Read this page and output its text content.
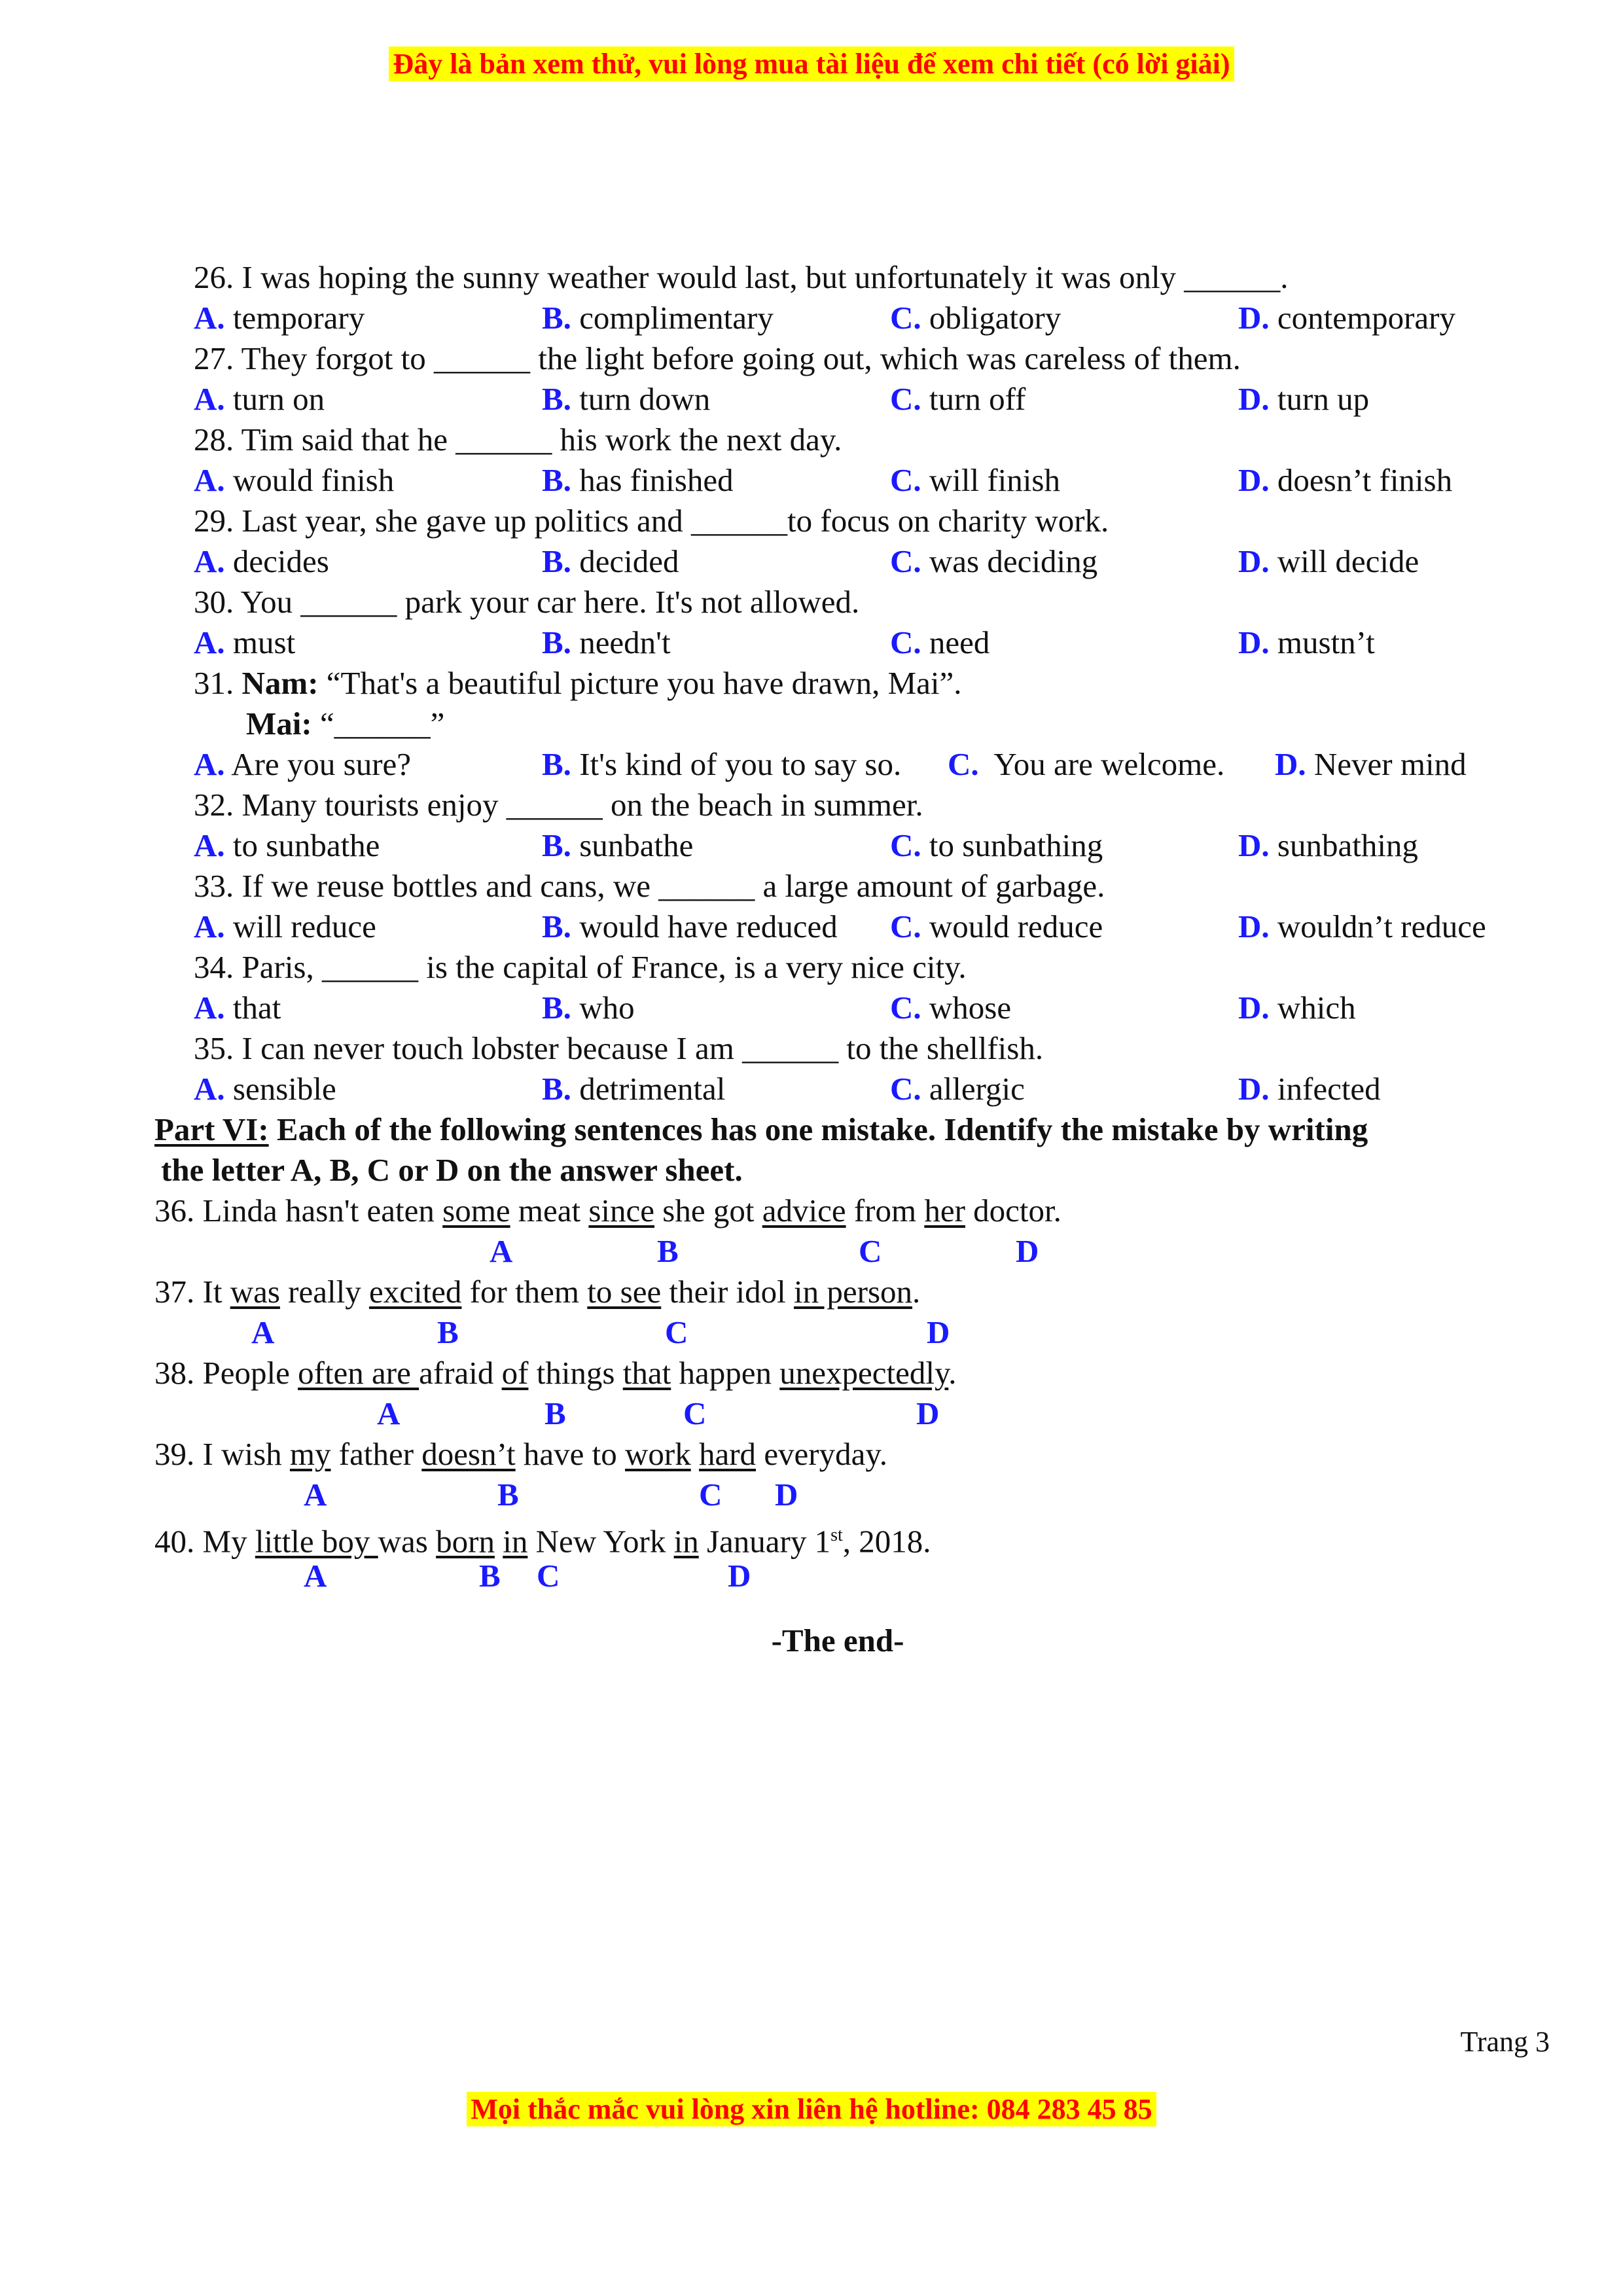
Đây là bản xem thử, vui lòng mua tài liệu để xem chi tiết (có lời giải)
26. I was hoping the sunny weather would last, but unfortunately it was only ______.
A. temporary	B. complimentary	C. obligatory	D. contemporary
27. They forgot to ______ the light before going out, which was careless of them.
A. turn on	B. turn down	C. turn off	D. turn up
28. Tim said that he ______ his work the next day.
A. would finish	B. has finished	C. will finish	D. doesn’t finish
29. Last year, she gave up politics and ______to focus on charity work.
A. decides	B. decided	C. was deciding	D. will decide
30. You ______ park your car here. It's not allowed.
A. must	B. needn't	C. need	D. mustn’t
31. Nam: “That's a beautiful picture you have drawn, Mai”.
Mai: “______”
A. Are you sure?	B. It's kind of you to say so. C. You are welcome. D. Never mind
32. Many tourists enjoy ______ on the beach in summer.
A. to sunbathe	B. sunbathe	C. to sunbathing	D. sunbathing
33. If we reuse bottles and cans, we ______ a large amount of garbage.
A. will reduce	B. would have reduced C. would reduce	D. wouldn’t reduce
34. Paris, ______ is the capital of France, is a very nice city.
A. that	B. who	C. whose	D. which
35. I can never touch lobster because I am ______ to the shellfish.
A. sensible	B. detrimental	C. allergic	D. infected
Part VI: Each of the following sentences has one mistake. Identify the mistake by writing
the letter A, B, C or D on the answer sheet.
36. Linda hasn't eaten some meat since she got advice from her doctor.
A	B	C	D
37. It was really excited for them to see their idol in person.
A	B	C	D
38. People often are afraid of things that happen unexpectedly.
A	B	C	D
39. I wish my father doesn’t have to work hard everyday.
A	B	C D
40. My little boy was born in New York in January 1st, 2018.
A	B C	D
-The end-
Trang 3
Mọi thắc mắc vui lòng xin liên hệ hotline: 084 283 45 85
